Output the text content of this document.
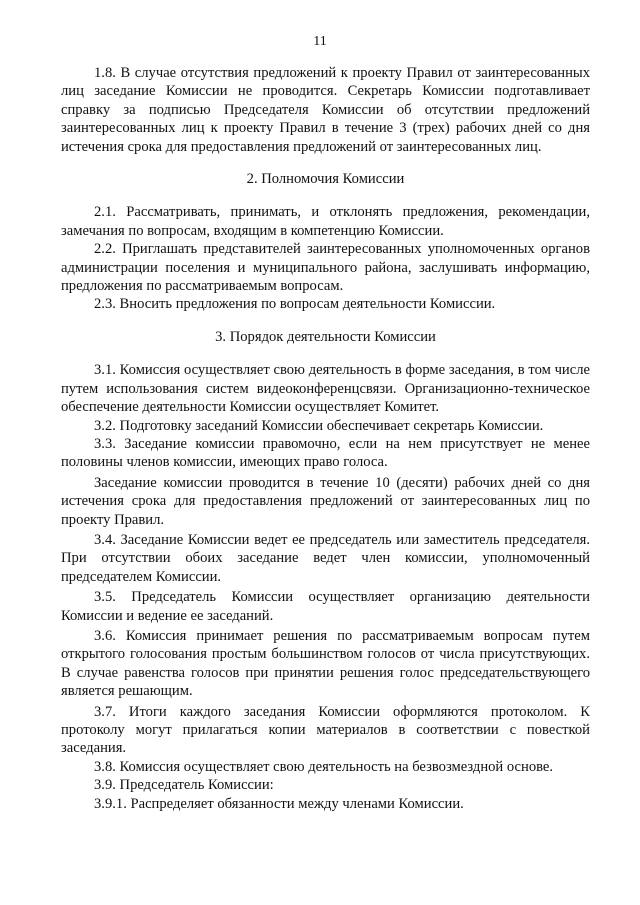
11

1.8. В случае отсутствия предложений к проекту Правил от заинтересованных лиц заседание Комиссии не проводится. Секретарь Комиссии подготавливает справку за подписью Председателя Комиссии об отсутствии предложений заинтересованных лиц к проекту Правил в течение 3 (трех) рабочих дней со дня истечения срока для предоставления предложений от заинтересованных лиц.

2. Полномочия Комиссии

2.1. Рассматривать, принимать, и отклонять предложения, рекомендации, замечания по вопросам, входящим в компетенцию Комиссии.

2.2. Приглашать представителей заинтересованных уполномоченных органов администрации поселения и муниципального района, заслушивать информацию, предложения по рассматриваемым вопросам.

2.3. Вносить предложения по вопросам деятельности Комиссии.

3. Порядок деятельности Комиссии

3.1. Комиссия осуществляет свою деятельность в форме заседания, в том числе путем использования систем видеоконференцсвязи. Организационно-техническое обеспечение деятельности Комиссии осуществляет Комитет.

3.2. Подготовку заседаний Комиссии обеспечивает секретарь Комиссии.

3.3. Заседание комиссии правомочно, если на нем присутствует не менее половины членов комиссии, имеющих право голоса.

Заседание комиссии проводится в течение 10 (десяти) рабочих дней со дня истечения срока для предоставления предложений от заинтересованных лиц по проекту Правил.

3.4. Заседание Комиссии ведет ее председатель или заместитель председателя. При отсутствии обоих заседание ведет член комиссии, уполномоченный председателем Комиссии.

3.5. Председатель Комиссии осуществляет организацию деятельности Комиссии и ведение ее заседаний.

3.6. Комиссия принимает решения по рассматриваемым вопросам путем открытого голосования простым большинством голосов от числа присутствующих. В случае равенства голосов при принятии решения голос председательствующего является решающим.

3.7. Итоги каждого заседания Комиссии оформляются протоколом. К протоколу могут прилагаться копии материалов в соответствии с повесткой заседания.

3.8. Комиссия осуществляет свою деятельность на безвозмездной основе.

3.9. Председатель Комиссии:

3.9.1. Распределяет обязанности между членами Комиссии.
